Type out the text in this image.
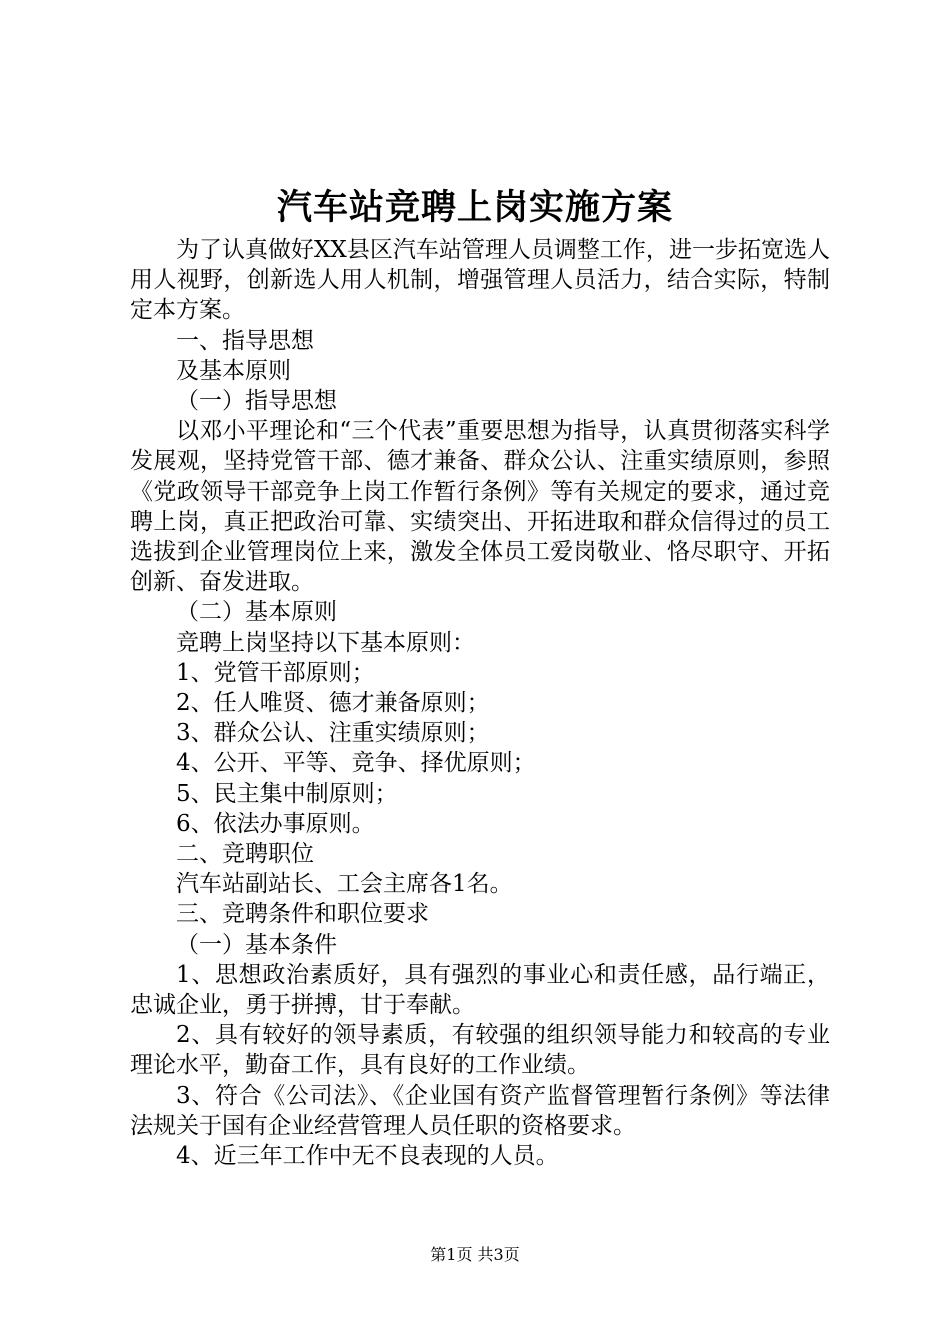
汽车站竞聘上岗实施方案

为了认真做好XX县区汽车站管理人员调整工作，进一步拓宽选人用人视野，创新选人用人机制，增强管理人员活力，结合实际，特制定本方案。

一、指导思想

及基本原则

（一）指导思想

以邓小平理论和“三个代表”重要思想为指导，认真贯彻落实科学发展观，坚持党管干部、德才兼备、群众公认、注重实绩原则，参照《党政领导干部竞争上岗工作暂行条例》等有关规定的要求，通过竞聘上岗，真正把政治可靠、实绩突出、开拓进取和群众信得过的员工选拔到企业管理岗位上来，激发全体员工爱岗敬业、恪尽职守、开拓创新、奋发进取。

（二）基本原则

竞聘上岗坚持以下基本原则：

1、党管干部原则；

2、任人唯贤、德才兼备原则；

3、群众公认、注重实绩原则；

4、公开、平等、竞争、择优原则；

5、民主集中制原则；

6、依法办事原则。

二、竞聘职位

汽车站副站长、工会主席各1名。

三、竞聘条件和职位要求

（一）基本条件

1、思想政治素质好，具有强烈的事业心和责任感，品行端正，忠诚企业，勇于拼搏，甘于奉献。

2、具有较好的领导素质，有较强的组织领导能力和较高的专业理论水平，勤奋工作，具有良好的工作业绩。

3、符合《公司法》、《企业国有资产监督管理暂行条例》等法律法规关于国有企业经营管理人员任职的资格要求。

4、近三年工作中无不良表现的人员。

第1页 共3页
